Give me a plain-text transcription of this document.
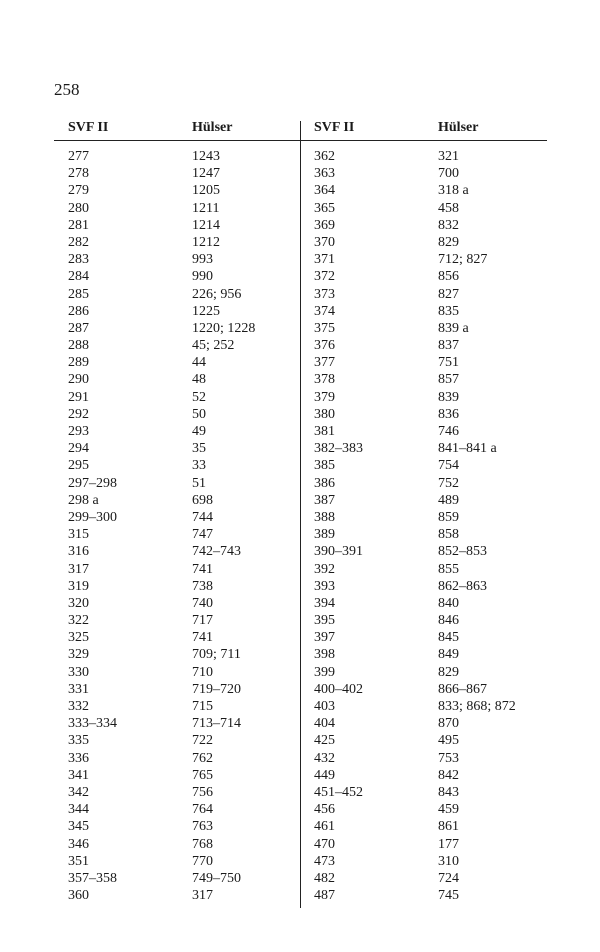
258
SVF II	Hülser	SVF II	Hülser
277	1243
278	1247
279	1205
280	1211
281	1214
282	1212
283	993
284	990
285	226; 956
286	1225
287	1220; 1228
288	45; 252
289	44
290	48
291	52
292	50
293	49
294	35
295	33
297–298	51
298 a	698
299–300	744
315	747
316	742–743
317	741
319	738
320	740
322	717
325	741
329	709; 711
330	710
331	719–720
332	715
333–334	713–714
335	722
336	762
341	765
342	756
344	764
345	763
346	768
351	770
357–358	749–750
360	317
362	321
363	700
364	318 a
365	458
369	832
370	829
371	712; 827
372	856
373	827
374	835
375	839 a
376	837
377	751
378	857
379	839
380	836
381	746
382–383	841–841 a
385	754
386	752
387	489
388	859
389	858
390–391	852–853
392	855
393	862–863
394	840
395	846
397	845
398	849
399	829
400–402	866–867
403	833; 868; 872
404	870
425	495
432	753
449	842
451–452	843
456	459
461	861
470	177
473	310
482	724
487	745
